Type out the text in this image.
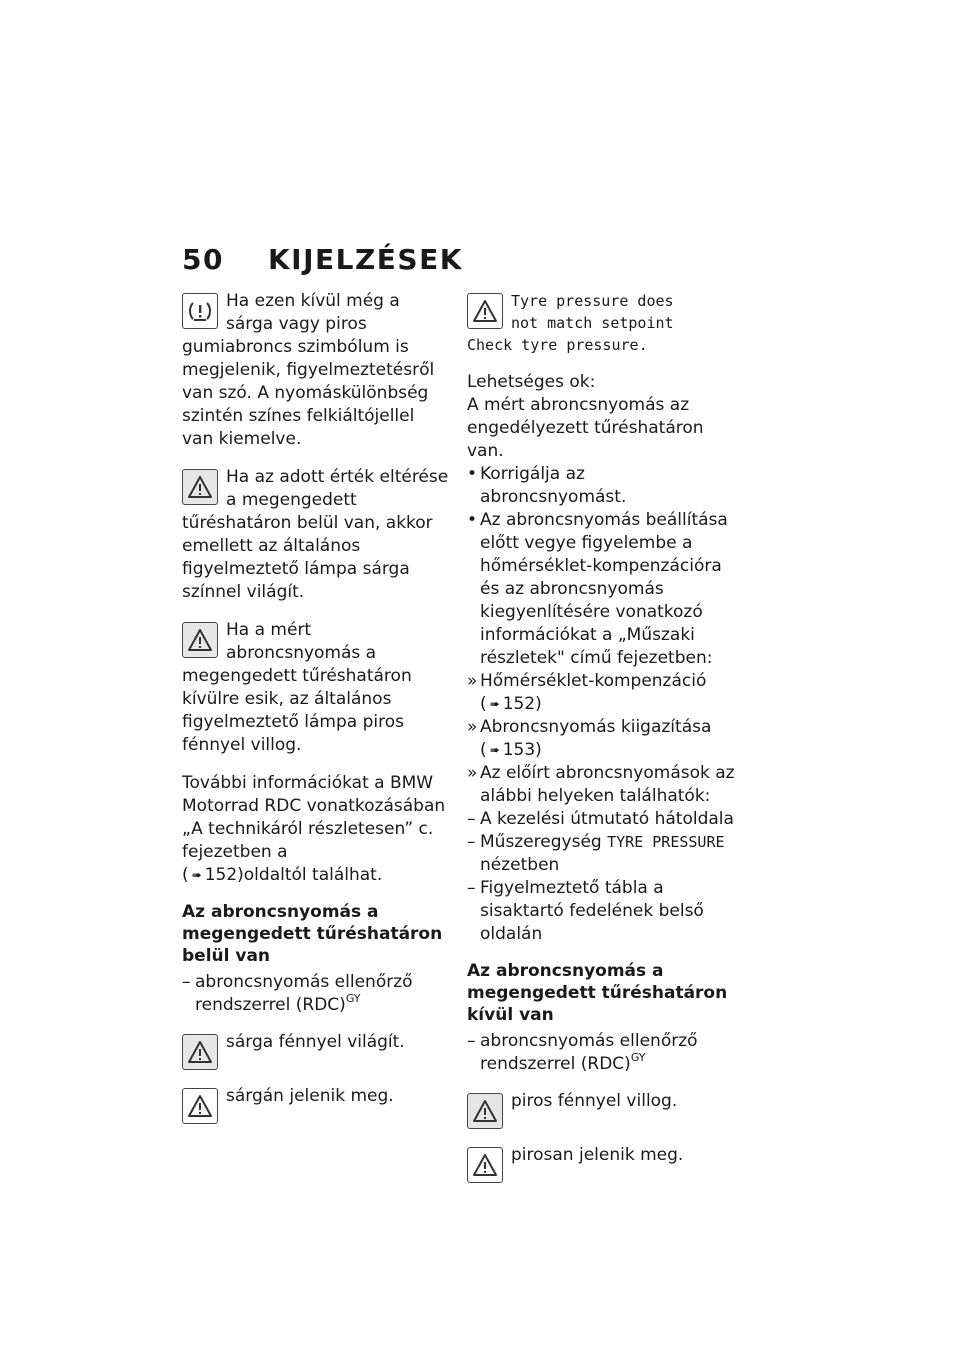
50 KIJELZÉSEK
Ha ezen kívül még a sárga vagy piros gumiabroncs szimbólum is megjelenik, figyelmeztetésről van szó. A nyomáskülönbség szintén színes felkiáltójellel van kiemelve.
Ha az adott érték eltérése a megengedett tűréshatáron belül van, akkor emellett az általános figyelmeztető lámpa sárga színnel világít.
Ha a mért abroncsnyomás a megengedett tűréshatáron kívülre esik, az általános figyelmeztető lámpa piros fénnyel villog.

További információkat a BMW Motorrad RDC vonatkozásában „A technikáról részletesen” c. fejezetben a
( ➠ 152)oldaltól találhat.

Az abroncsnyomás a megengedett tűréshatáron belül van
– abroncsnyomás ellenőrző rendszerrel (RDC)$^{GY}$
sárga fénnyel világít.
sárgán jelenik meg.
Tyre pressure does
not match setpoint
Check tyre pressure.
Lehetséges ok:
A mért abroncsnyomás az engedélyezett tűréshatáron van.
• Korrigálja az abroncsnyomást.
• Az abroncsnyomás beállítása előtt vegye figyelembe a hőmérséklet-kompenzációra és az abroncsnyomás kiegyenlítésére vonatkozó információkat a „Műszaki részletek" című fejezetben:
» Hőmérséklet-kompenzáció
( ➠ 152)
» Abroncsnyomás kiigazítása
( ➠ 153)
» Az előírt abroncsnyomások az alábbi helyeken találhatók:
– A kezelési útmutató hátoldala
– Műszeregység TYRE PRESSURE nézetben
– Figyelmeztető tábla a sisaktartó fedelének belső oldalán
Az abroncsnyomás a megengedett tűréshatáron kívül van
– abroncsnyomás ellenőrző rendszerrel (RDC)$^{GY}$
piros fénnyel villog.
pirosan jelenik meg.
